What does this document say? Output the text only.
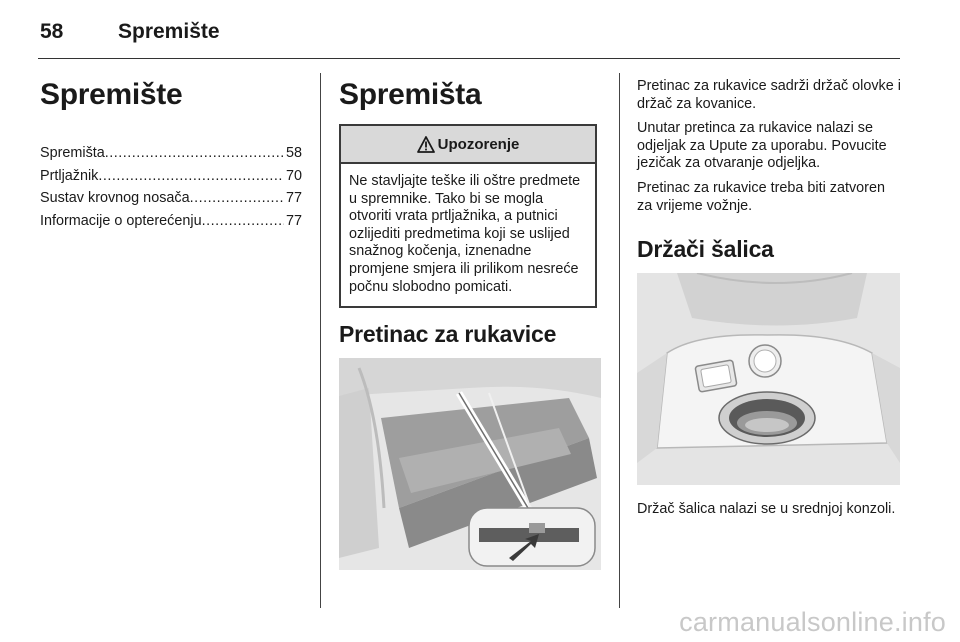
58	Spremište
Spremište
Spremišta .....	58
Prtljažnik .....	70
Sustav krovnog nosača .....	77
Informacije o opterećenju .....	77
Spremišta
Upozorenje
Ne stavljajte teške ili oštre predmete u spremnike. Tako bi se mogla otvoriti vrata prtljažnika, a putnici ozlijediti predmetima koji se uslijed snažnog kočenja, iznenadne promjene smjera ili prilikom nesreće počnu slobodno pomicati.
Pretinac za rukavice

Pretinac za rukavice sadrži držač olovke i držač za kovanice.

Unutar pretinca za rukavice nalazi se odjeljak za Upute za uporabu. Povucite jezičak za otvaranje odjeljka.

Pretinac za rukavice treba biti zatvoren za vrijeme vožnje.

Držači šalica

Držač šalica nalazi se u srednjoj konzoli.

carmanualsonline.info
